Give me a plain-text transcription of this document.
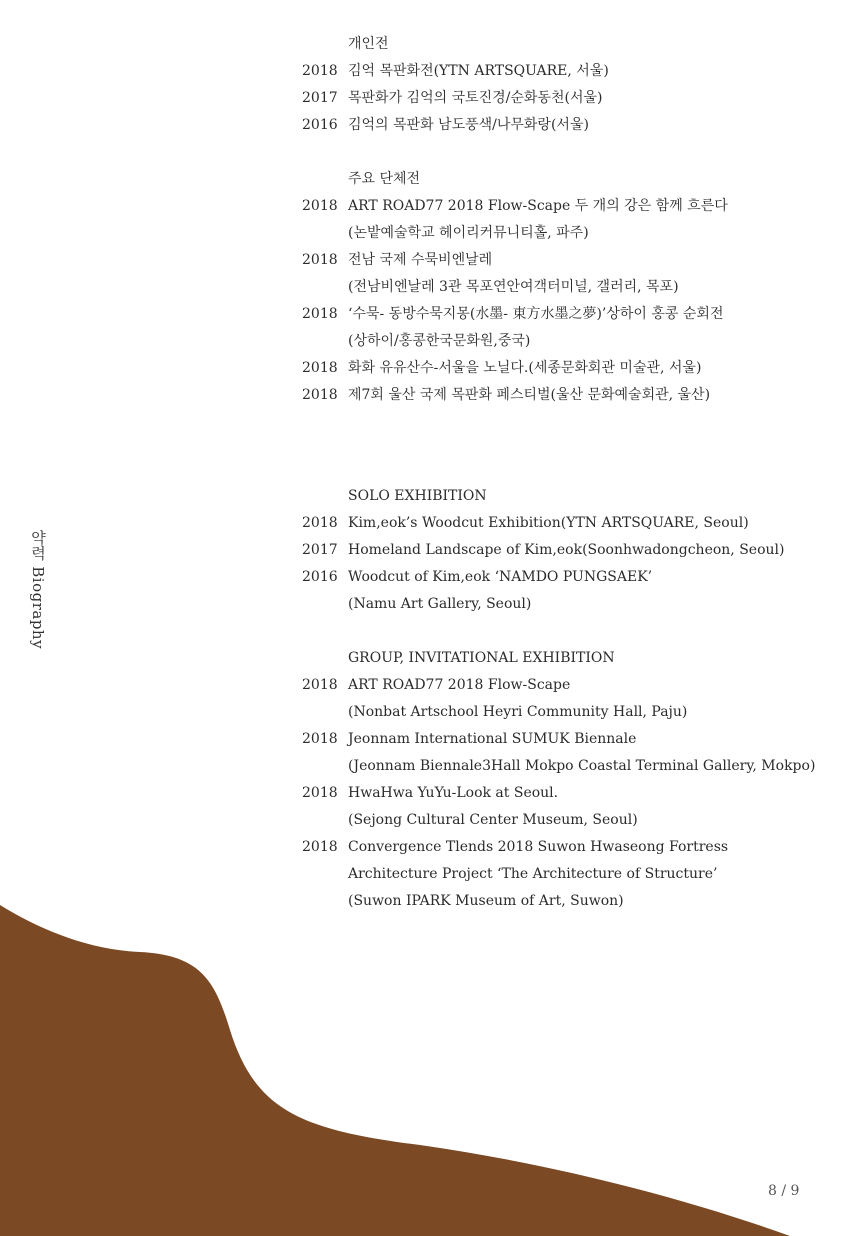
약력 Biography
개인전
2018 김억 목판화전(YTN ARTSQUARE, 서울)
2017 목판화가 김억의 국토진경/순화동천(서울)
2016 김억의 목판화 남도풍색/나무화랑(서울)
주요 단체전
2018 ART ROAD77 2018 Flow-Scape 두 개의 강은 함께 흐른다
(논밭예술학교 헤이리커뮤니티홀, 파주)
2018 전남 국제 수묵비엔날레
(전남비엔날레 3관 목포연안여객터미널, 갤러리, 목포)
2018 ‘수묵- 동방수묵지몽(水墨- 東方水墨之夢)’상하이 홍콩 순회전
(상하이/홍콩한국문화원,중국)
2018 화화 유유산수-서울을 노닐다.(세종문화회관 미술관, 서울)
2018 제7회 울산 국제 목판화 페스티벌(울산 문화예술회관, 울산)
SOLO EXHIBITION
2018 Kim,eok’s Woodcut Exhibition(YTN ARTSQUARE, Seoul)
2017 Homeland Landscape of Kim,eok(Soonhwadongcheon, Seoul)
2016 Woodcut of Kim,eok ‘NAMDO PUNGSAEK’
(Namu Art Gallery, Seoul)
GROUP, INVITATIONAL EXHIBITION
2018 ART ROAD77 2018 Flow-Scape
(Nonbat Artschool Heyri Community Hall, Paju)
2018 Jeonnam International SUMUK Biennale
(Jeonnam Biennale3Hall Mokpo Coastal Terminal Gallery, Mokpo)
2018 HwaHwa YuYu-Look at Seoul.
(Sejong Cultural Center Museum, Seoul)
2018 Convergence Tlends 2018 Suwon Hwaseong Fortress
Architecture Project ‘The Architecture of Structure’
(Suwon IPARK Museum of Art, Suwon)
8 / 9
